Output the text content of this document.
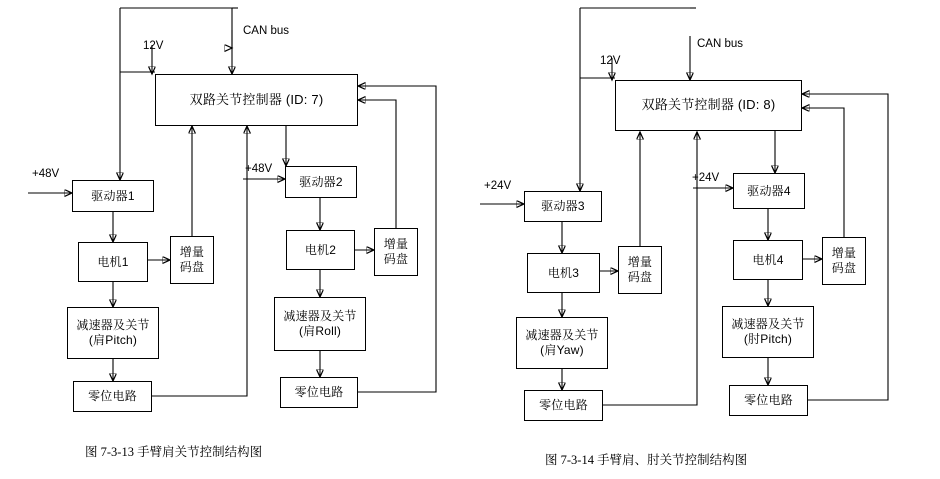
12V
CAN bus
双路关节控制器 (ID: 7)
+48V	+48V
驱动器1
驱动器2
电机1
电机2
增量
码盘
增量
码盘
减速器及关节
(肩Pitch)
减速器及关节
(肩Roll)
零位电路	零位电路
图 7-3-13 手臂肩关节控制结构图
12V
CAN bus
双路关节控制器 (ID: 8)
+24V
+24V
驱动器3
驱动器4
电机3
电机4
增量
码盘
增量
码盘
减速器及关节
(肩Yaw)
减速器及关节
(肘Pitch)
零位电路	零位电路
图 7-3-14 手臂肩、肘关节控制结构图
